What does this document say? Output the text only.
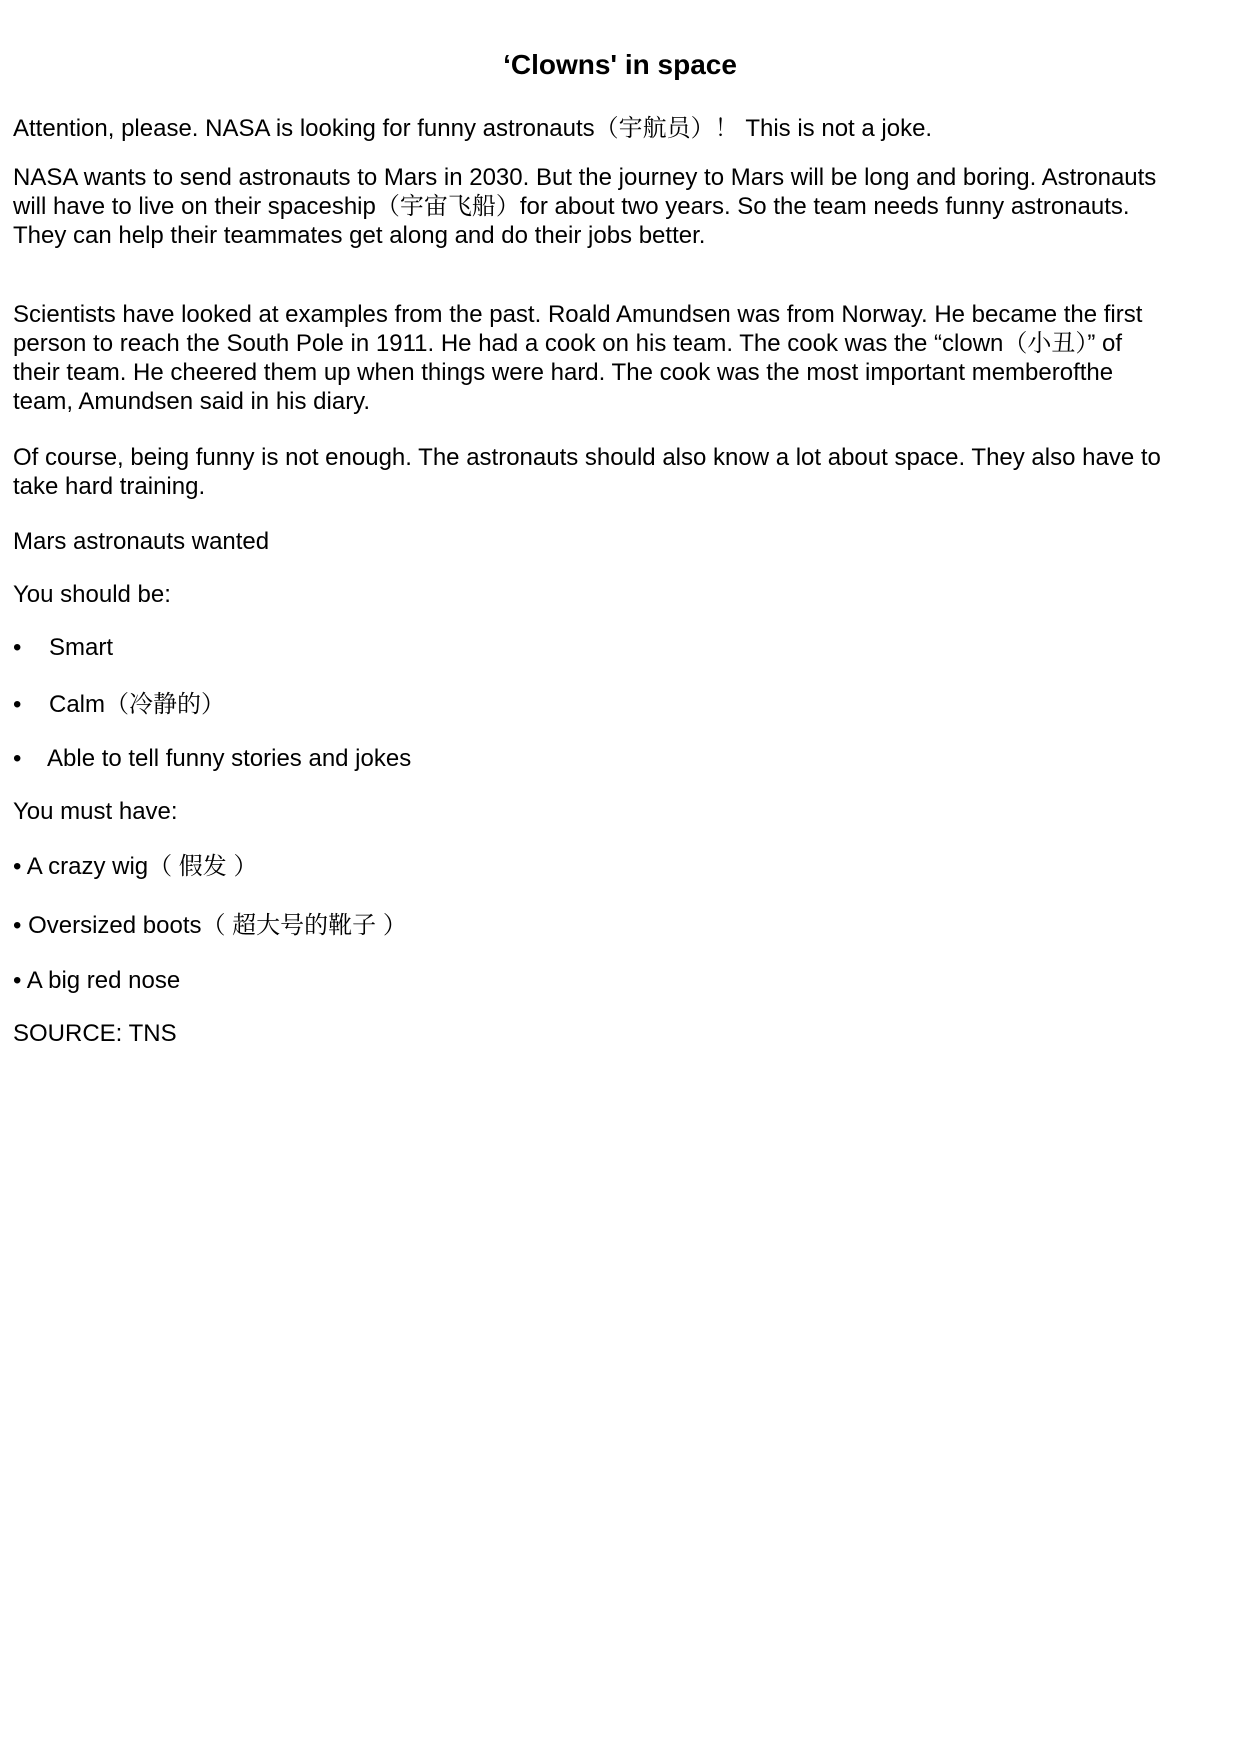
‘Clowns' in space
Attention, please. NASA is looking for funny astronauts（宇航员）！ This is not a joke.
NASA wants to send astronauts to Mars in 2030. But the journey to Mars will be long and boring. Astronauts
will have to live on their spaceship（宇宙飞船）for about two years. So the team needs funny astronauts.
They can help their teammates get along and do their jobs better.
Scientists have looked at examples from the past. Roald Amundsen was from Norway. He became the first
person to reach the South Pole in 1911. He had a cook on his team. The cook was the “clown（小丑）” of
their team. He cheered them up when things were hard. The cook was the most important memberofthe
team, Amundsen said in his diary.
Of course, being funny is not enough. The astronauts should also know a lot about space. They also have to
take hard training.
Mars astronauts wanted
You should be:
• Smart
• Calm（冷静的）
• Able to tell funny stories and jokes
You must have:
• A crazy wig（ 假发 ）
• Oversized boots（ 超大号的靴子 ）
• A big red nose
SOURCE: TNS
